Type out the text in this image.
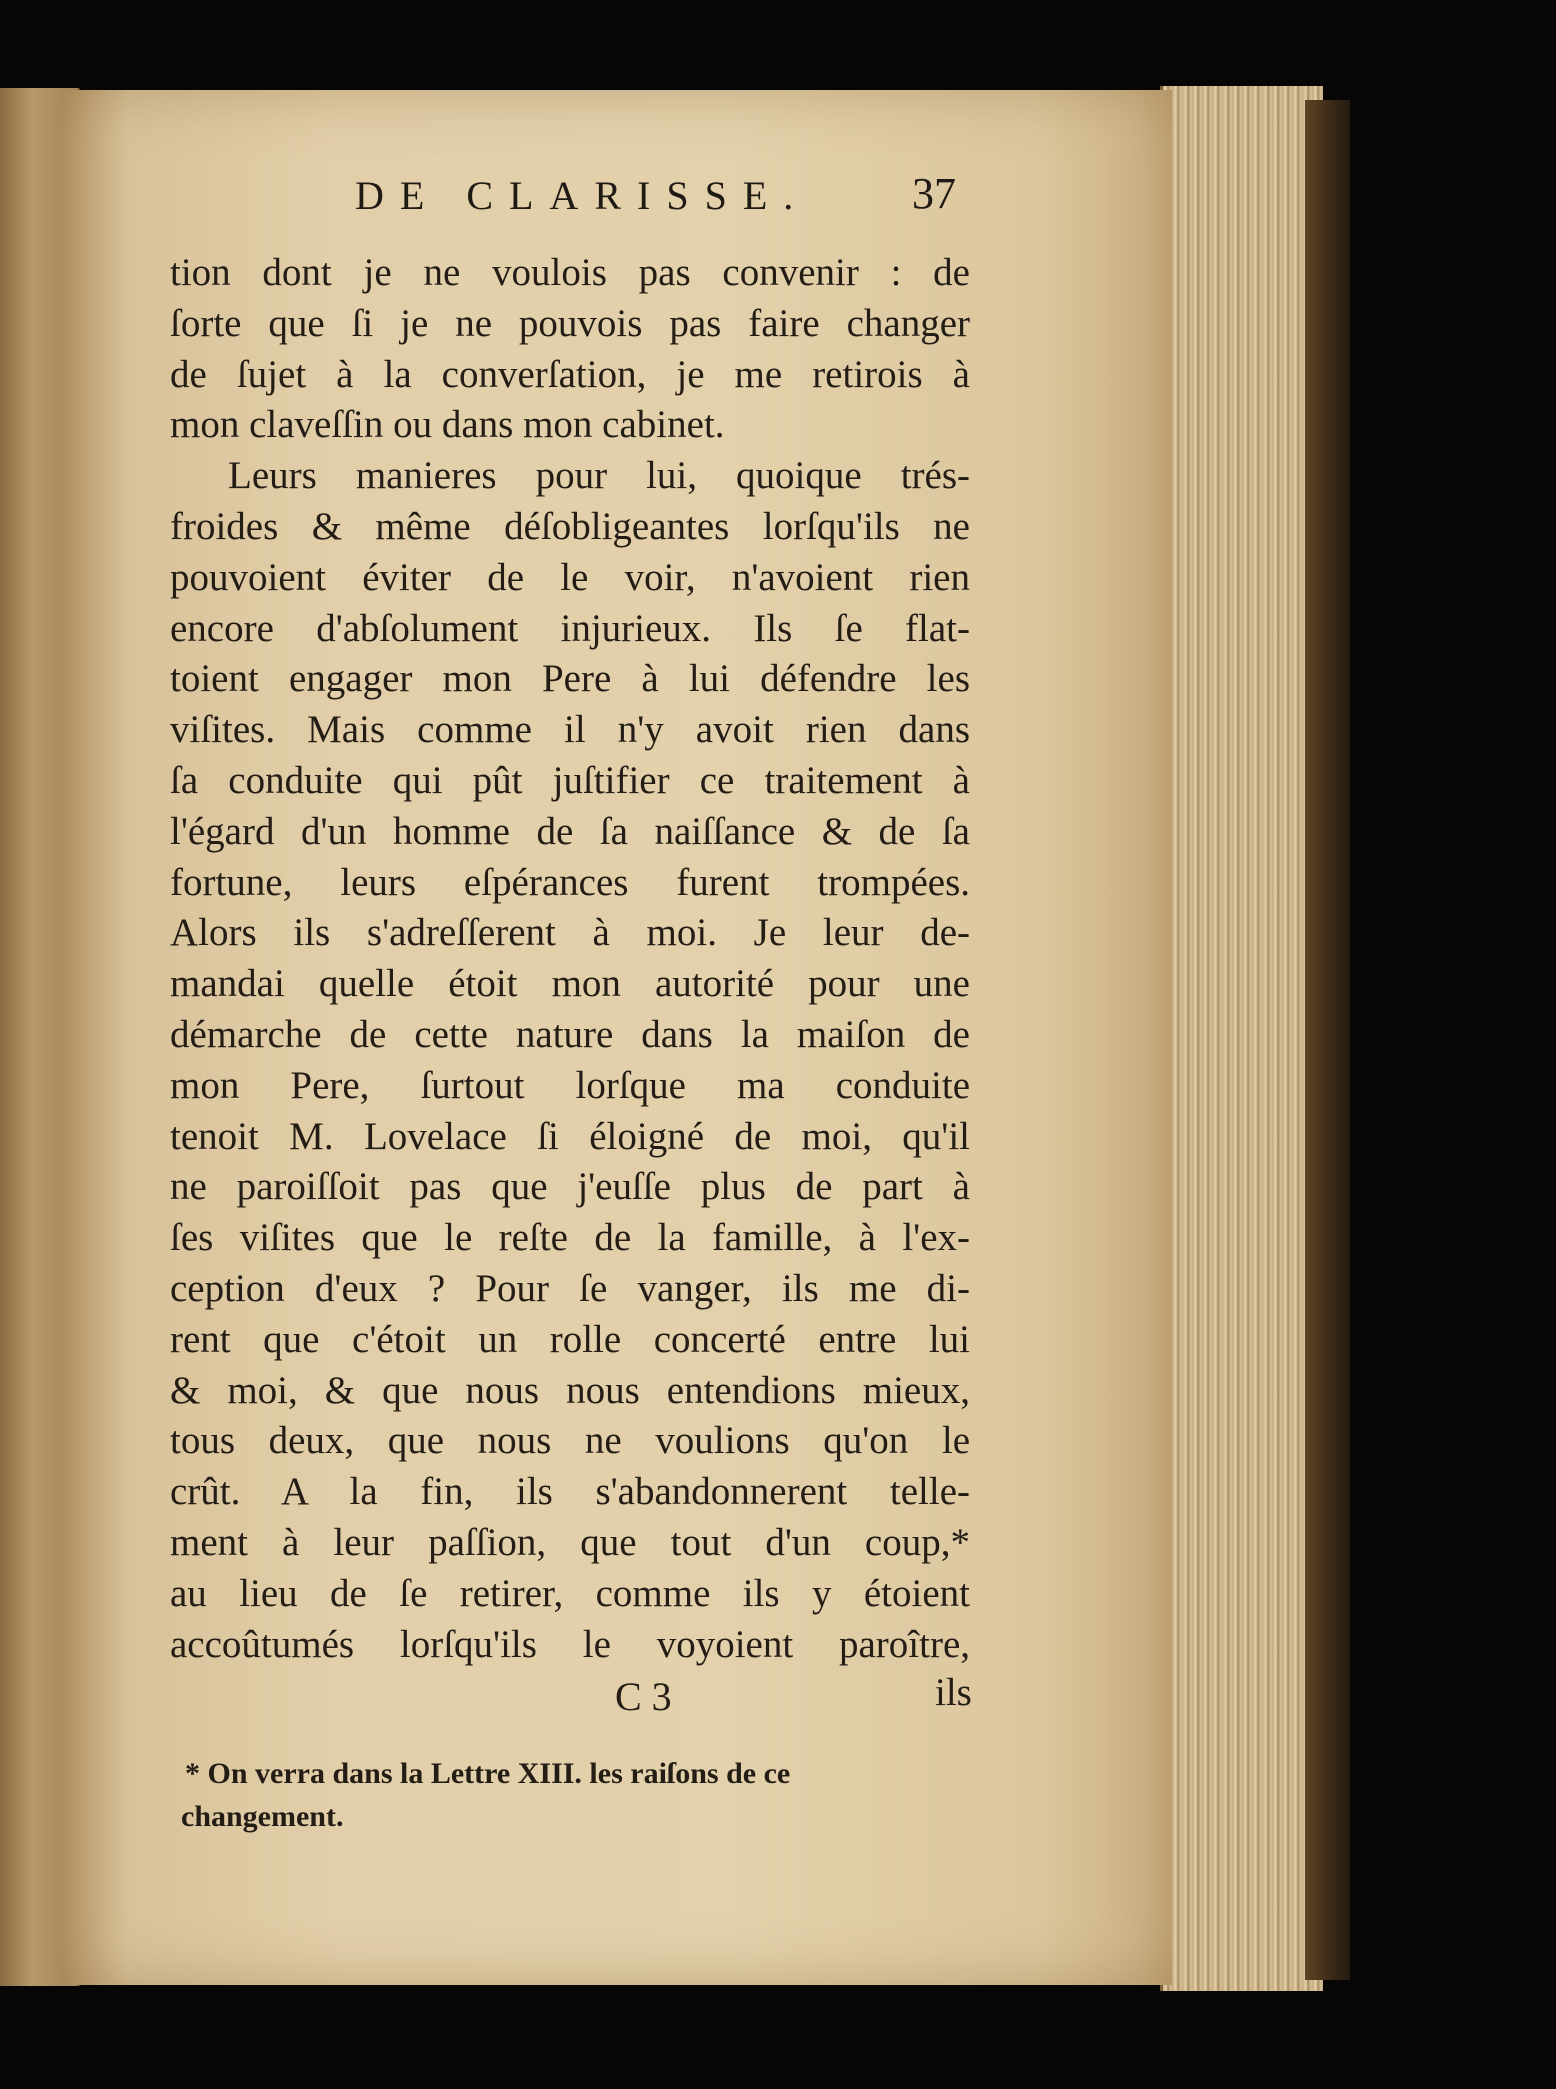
DE CLARISSE.	37
tion dont je ne voulois pas convenir : de
ſorte que ſi je ne pouvois pas faire changer
de ſujet à la converſation, je me retirois à
mon claveſſin ou dans mon cabinet.
Leurs manieres pour lui, quoique trés-
froides & même déſobligeantes lorſqu'ils ne
pouvoient éviter de le voir, n'avoient rien
encore d'abſolument injurieux. Ils ſe flat-
toient engager mon Pere à lui défendre les
viſites. Mais comme il n'y avoit rien dans
ſa conduite qui pût juſtifier ce traitement à
l'égard d'un homme de ſa naiſſance & de ſa
fortune, leurs eſpérances furent trompées.
Alors ils s'adreſſerent à moi. Je leur de-
mandai quelle étoit mon autorité pour une
démarche de cette nature dans la maiſon de
mon Pere, ſurtout lorſque ma conduite
tenoit M. Lovelace ſi éloigné de moi, qu'il
ne paroiſſoit pas que j'euſſe plus de part à
ſes viſites que le reſte de la famille, à l'ex-
ception d'eux ? Pour ſe vanger, ils me di-
rent que c'étoit un rolle concerté entre lui
& moi, & que nous nous entendions mieux,
tous deux, que nous ne voulions qu'on le
crût. A la fin, ils s'abandonnerent telle-
ment à leur paſſion, que tout d'un coup,*
au lieu de ſe retirer, comme ils y étoient
accoûtumés lorſqu'ils le voyoient paroître,
C 3	ils
* On verra dans la Lettre XIII. les raiſons de ce
changement.
